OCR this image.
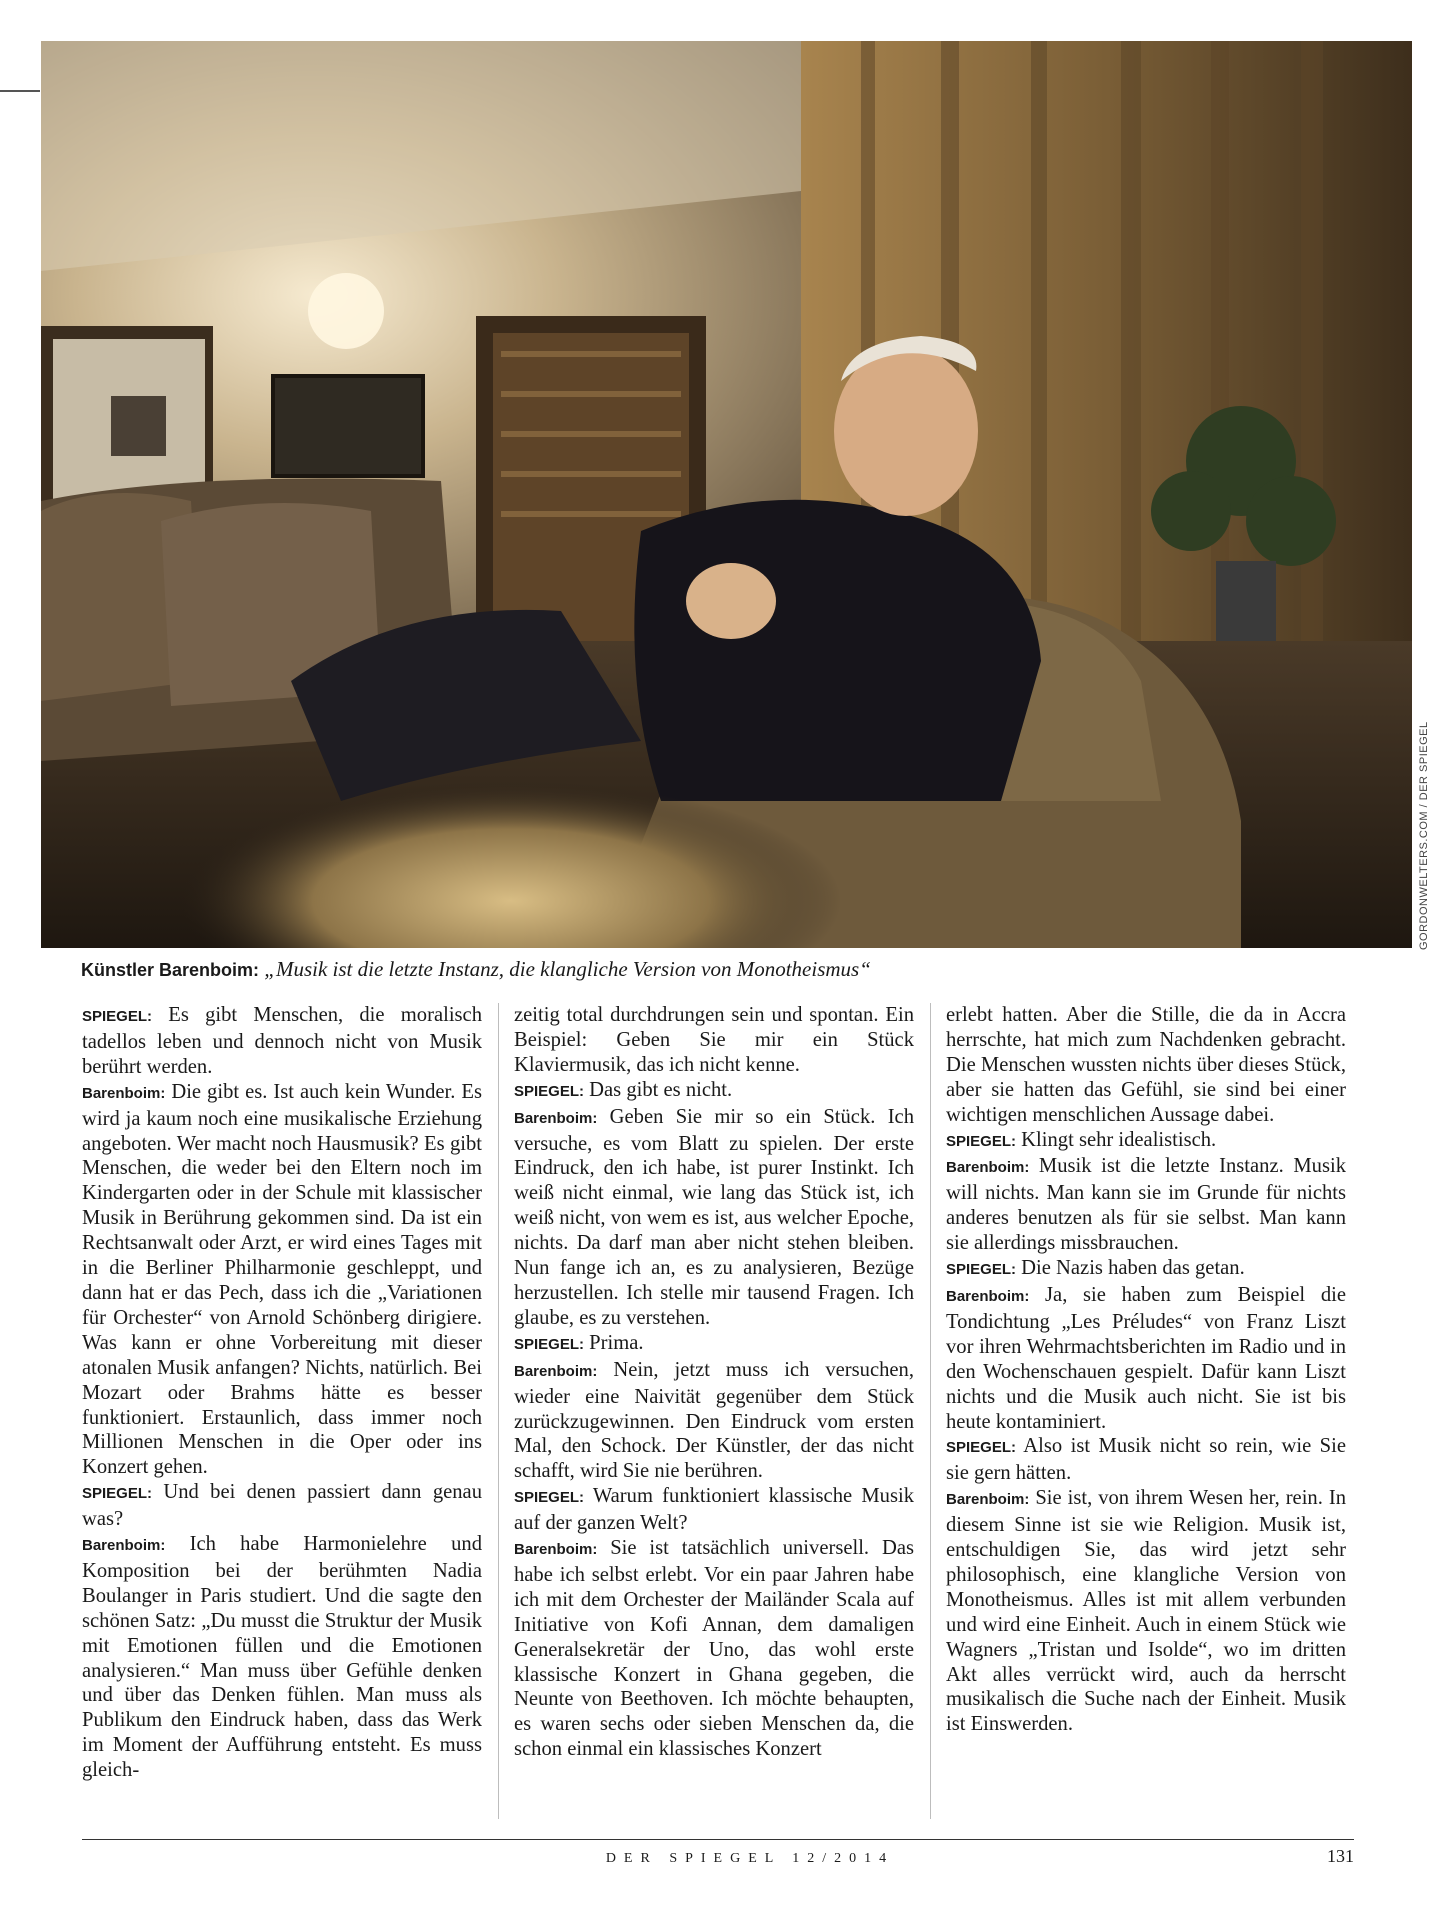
GORDONWELTERS.COM / DER SPIEGEL
Künstler Barenboim: „Musik ist die letzte Instanz, die klangliche Version von Monotheismus“

SPIEGEL: Es gibt Menschen, die moralisch tadellos leben und dennoch nicht von Musik berührt werden.

Barenboim: Die gibt es. Ist auch kein Wunder. Es wird ja kaum noch eine musikalische Erziehung angeboten. Wer macht noch Hausmusik? Es gibt Menschen, die weder bei den Eltern noch im Kindergarten oder in der Schule mit klassischer Musik in Berührung gekommen sind. Da ist ein Rechtsanwalt oder Arzt, er wird eines Tages mit in die Berliner Philharmonie geschleppt, und dann hat er das Pech, dass ich die „Variationen für Orchester“ von Arnold Schönberg dirigiere. Was kann er ohne Vorbereitung mit dieser atonalen Musik anfangen? Nichts, natürlich. Bei Mozart oder Brahms hätte es besser funktioniert. Erstaunlich, dass immer noch Millionen Menschen in die Oper oder ins Konzert gehen.

SPIEGEL: Und bei denen passiert dann genau was?

Barenboim: Ich habe Harmonielehre und Komposition bei der berühmten Nadia Boulanger in Paris studiert. Und die sagte den schönen Satz: „Du musst die Struktur der Musik mit Emotionen füllen und die Emotionen analysieren.“ Man muss über Gefühle denken und über das Denken fühlen. Man muss als Publikum den Eindruck haben, dass das Werk im Moment der Aufführung entsteht. Es muss gleich-

zeitig total durchdrungen sein und spontan. Ein Beispiel: Geben Sie mir ein Stück Klaviermusik, das ich nicht kenne.

SPIEGEL: Das gibt es nicht.

Barenboim: Geben Sie mir so ein Stück. Ich versuche, es vom Blatt zu spielen. Der erste Eindruck, den ich habe, ist purer Instinkt. Ich weiß nicht einmal, wie lang das Stück ist, ich weiß nicht, von wem es ist, aus welcher Epoche, nichts. Da darf man aber nicht stehen bleiben. Nun fange ich an, es zu analysieren, Bezüge herzustellen. Ich stelle mir tausend Fragen. Ich glaube, es zu verstehen.

SPIEGEL: Prima.

Barenboim: Nein, jetzt muss ich versuchen, wieder eine Naivität gegenüber dem Stück zurückzugewinnen. Den Eindruck vom ersten Mal, den Schock. Der Künstler, der das nicht schafft, wird Sie nie berühren.

SPIEGEL: Warum funktioniert klassische Musik auf der ganzen Welt?

Barenboim: Sie ist tatsächlich universell. Das habe ich selbst erlebt. Vor ein paar Jahren habe ich mit dem Orchester der Mailänder Scala auf Initiative von Kofi Annan, dem damaligen Generalsekretär der Uno, das wohl erste klassische Konzert in Ghana gegeben, die Neunte von Beethoven. Ich möchte behaupten, es waren sechs oder sieben Menschen da, die schon einmal ein klassisches Konzert

erlebt hatten. Aber die Stille, die da in Accra herrschte, hat mich zum Nachdenken gebracht. Die Menschen wussten nichts über dieses Stück, aber sie hatten das Gefühl, sie sind bei einer wichtigen menschlichen Aussage dabei.

SPIEGEL: Klingt sehr idealistisch.

Barenboim: Musik ist die letzte Instanz. Musik will nichts. Man kann sie im Grunde für nichts anderes benutzen als für sie selbst. Man kann sie allerdings missbrauchen.

SPIEGEL: Die Nazis haben das getan.

Barenboim: Ja, sie haben zum Beispiel die Tondichtung „Les Préludes“ von Franz Liszt vor ihren Wehrmachtsberichten im Radio und in den Wochenschauen gespielt. Dafür kann Liszt nichts und die Musik auch nicht. Sie ist bis heute kontaminiert.

SPIEGEL: Also ist Musik nicht so rein, wie Sie sie gern hätten.

Barenboim: Sie ist, von ihrem Wesen her, rein. In diesem Sinne ist sie wie Religion. Musik ist, entschuldigen Sie, das wird jetzt sehr philosophisch, eine klangliche Version von Monotheismus. Alles ist mit allem verbunden und wird eine Einheit. Auch in einem Stück wie Wagners „Tristan und Isolde“, wo im dritten Akt alles verrückt wird, auch da herrscht musikalisch die Suche nach der Einheit. Musik ist Einswerden.

DER SPIEGEL 12/2014	131
